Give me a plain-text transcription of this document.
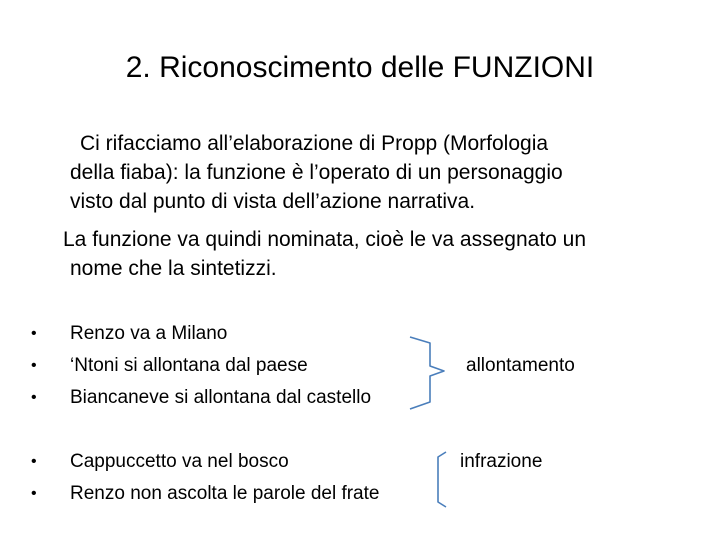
2. Riconoscimento delle FUNZIONI
Ci rifacciamo all’elaborazione di Propp (Morfologia
della fiaba): la funzione è l’operato di un personaggio
visto dal punto di vista dell’azione narrativa.
La funzione va quindi nominata, cioè le va assegnato un
nome che la sintetizzi.
• Renzo va a Milano
• ‘Ntoni si allontana dal paese
• Biancaneve si allontana dal castello
allontamento
• Cappuccetto va nel bosco
• Renzo non ascolta le parole del frate
infrazione
